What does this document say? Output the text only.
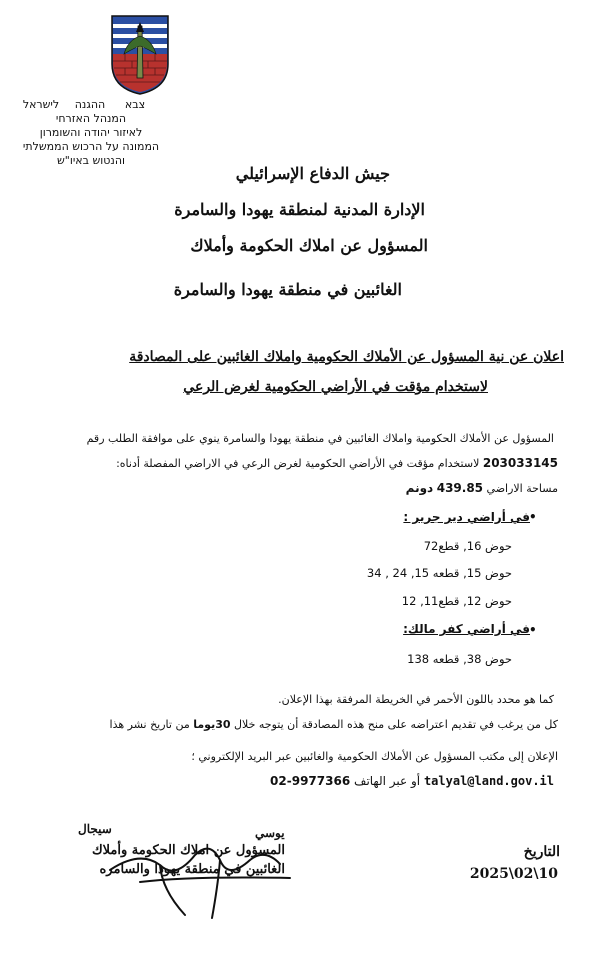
צבא
ההגנה
לישראל
המנהל האזרחי
לאיזור יהודה והשומרון
הממונה על הרכוש הממשלתי
והנטוש באיו"ש
جيش الدفاع الإسرائيلي
الإدارة المدنية لمنطقة يهودا والسامرة
المسؤول عن املاك الحكومة وأملاك
الغائبين في منطقة يهودا والسامرة
اعلان عن نية المسؤول عن الأملاك الحكومية واملاك الغائبين على المصادقة
لاستخدام مؤقت في الأراضي الحكومية لغرض الرعي
المسؤول عن الأملاك الحكومية واملاك الغائبين في منطقة يهودا والسامرة ينوي على موافقة الطلب رقم
203033145 لاستخدام مؤقت في الأراضي الحكومية لغرض الرعي في الاراضي المفصلة أدناه:
مساحة الاراضي 439.85 دونم
•
في أراضي دير جرير :
حوض 16, قطع72
حوض 15, قطعه 15, 24 , 34
حوض 12, قطع11, 12
•
في أراضي كفر مالك:
حوض 38, قطعه 138
كما هو محدد باللون الأحمر في الخريطة المرفقة بهذا الإعلان.
كل من يرغب في تقديم اعتراضه على منح هذه المصادقة أن يتوجه خلال 30يوما من تاريخ نشر هذا
الإعلان إلى مكتب المسؤول عن الأملاك الحكومية والغائبين عبر البريد الإلكتروني ؛
talyal@land.gov.il أو عبر الهاتف 02-9977366
التاريخ
2025\02\10
يوسي
سيجال
المسؤول عن املاك الحكومة وأملاك
الغائبين في منطقة يهودا والسامره
